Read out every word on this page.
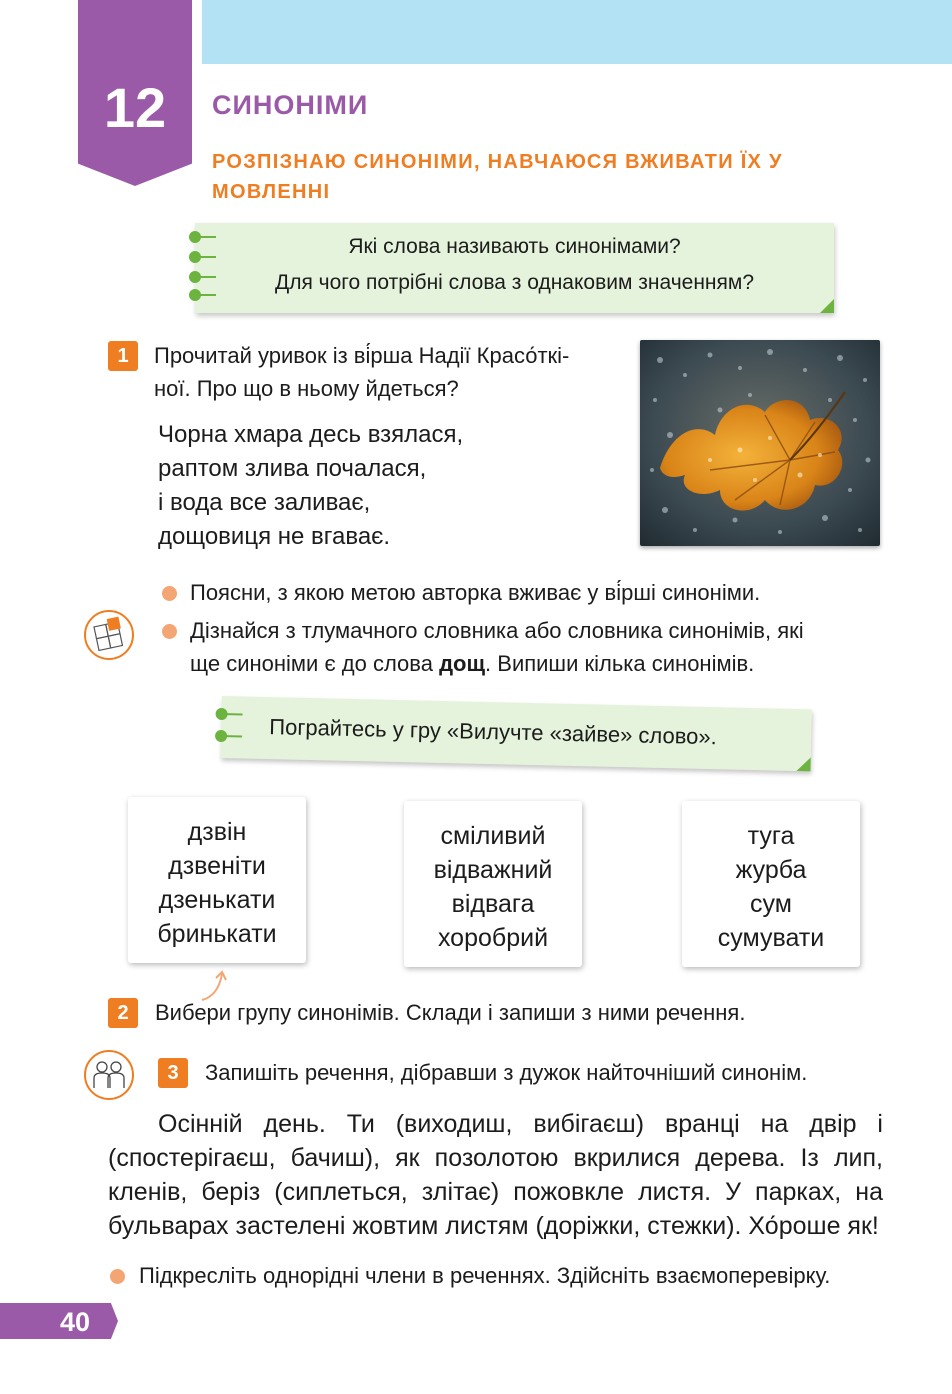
12	СИНОНІМИ
РОЗПІЗНАЮ СИНОНІМИ, НАВЧАЮСЯ ВЖИВАТИ ЇХ У МОВЛЕННІ
Які слова називають синонімами?
Для чого потрібні слова з однаковим значенням?
1	Прочитай уривок із ві́рша Надії Красо́ткі-
ної. Про що в ньому йдеться?
Чорна хмара десь взялася,
раптом злива почалася,
і вода все заливає,
дощовиця не вгаває.
Поясни, з якою метою авторка вживає у ві́рші синоніми.
Дізнайся з тлумачного словника або словника синонімів, які
ще синоніми є до слова дощ. Випиши кілька синонімів.
Пограйтесь у гру «Вилучте «зайве» слово».
дзвін
дзвеніти
дзенькати
бринькати
сміливий
відважний
відвага
хоробрий
туга
журба
сум
сумувати
2	Вибери групу синонімів. Склади і запиши з ними речення.
3	Запишіть речення, дібравши з дужок найточніший синонім.
Осінній день. Ти (виходиш, вибігаєш) вранці на двір і (спостерігаєш, бачиш), як позолотою вкрилися дерева. Із лип, кленів, беріз (сиплеться, злітає) пожовкле листя. У парках, на бульварах застелені жовтим листям (доріжки, стежки). Хо́роше як!
Підкресліть однорідні члени в реченнях. Здійсніть взаємоперевірку.
40
